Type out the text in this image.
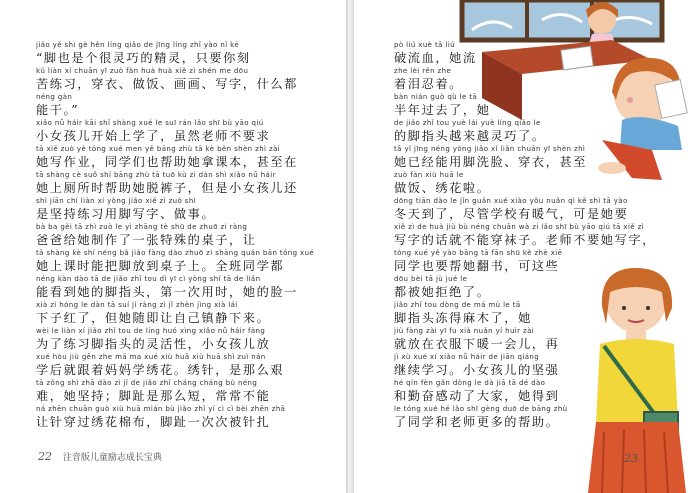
jiǎo yě shì gè hěn líng qiǎo de jīng líng zhǐ yào nǐ kè
“脚也是个很灵巧的精灵，只要你刻
kǔ liàn xí chuān yī zuò fàn huà huà xiě zì shén me dōu
苦练习，穿衣、做饭、画画、写字，什么都
néng gàn
能干。”
xiǎo nǚ háir kāi shǐ shàng xué le suī rán lǎo shī bù yāo qiú
小女孩儿开始上学了，虽然老师不要求
tā xiě zuò yè tóng xué men yě bāng zhù tā kè běn shèn zhì zài
她写作业，同学们也帮助她拿课本，甚至在
tā shàng cè suǒ shí bāng zhù tā tuō kù zi dàn shì xiǎo nǚ háir
她上厕所时帮助她脱裤子，但是小女孩儿还
shì jiān chí liàn xí yòng jiǎo xiě zì zuò shì
是坚持练习用脚写字、做事。
bà ba gěi tā zhì zuò le yì zhāng tè shū de zhuō zi ràng
爸爸给她制作了一张特殊的桌子，让
tā shàng kè shí néng bǎ jiǎo fàng dào zhuō zi shàng quán bān tóng xué
她上课时能把脚放到桌子上。全班同学都
néng kàn dào tā de jiǎo zhǐ tou dì yī cì yòng shí tā de liǎn
能看到她的脚指头，第一次用时，她的脸一
xià zi hóng le dàn tā suí jí ràng zì jǐ zhèn jìng xià lái
下子红了，但她随即让自己镇静下来。
wèi le liàn xí jiǎo zhǐ tou de líng huó xìng xiǎo nǚ háir fàng
为了练习脚指头的灵活性，小女孩儿放
xué hòu jiù gēn zhe mā ma xué xiù huā xiù huā shì zuì nán
学后就跟着妈妈学绣花。绣针，是那么艰
tā zǒng shì zhā dào zì jǐ de jiǎo zhǐ cháng cháng bù néng
难，她坚持；脚趾是那么短，常常不能
ná zhēn chuān guò xiù huā mián bù jiǎo zhǐ yí cì cì bèi zhēn zhā
让针穿过绣花棉布，脚趾一次次被针扎
22 注音版儿童励志成长宝典	23
pò liú xuè tā liú
破流血，她流
zhe lèi rěn zhe
着泪忍着。
bàn nián guò qù le tā
半年过去了，她
de jiǎo zhǐ tou yuè lái yuè líng qiǎo le
的脚指头越来越灵巧了。
tā yǐ jīng néng yòng jiǎo xǐ liǎn chuān yī shèn zhì
她已经能用脚洗脸、穿衣，甚至
zuò fàn xiù huā le
做饭、绣花啦。
dōng tiān dào le jǐn guǎn xué xiào yǒu nuǎn qì kě shì tā yào
冬天到了，尽管学校有暖气，可是她要
xiě zì de huà jiù bù néng chuān wà zi lǎo shī bù yāo qiú tā xiě zì
写字的话就不能穿袜子。老师不要她写字，
tóng xué yě yào bāng tā fān shū kě zhè xiē
同学也要帮她翻书，可这些
dōu bèi tā jù jué le
都被她拒绝了。
jiǎo zhǐ tou dòng de má mù le tā
脚指头冻得麻木了，她
jiù fàng zài yī fu xià nuǎn yí huìr zài
就放在衣服下暖一会儿，再
jì xù xué xí xiǎo nǚ háir de jiān qiáng
继续学习。小女孩儿的坚强
hé qín fèn gǎn dòng le dà jiā tā dé dào
和勤奋感动了大家，她得到
le tóng xué hé lǎo shī gèng duō de bāng zhù
了同学和老师更多的帮助。
